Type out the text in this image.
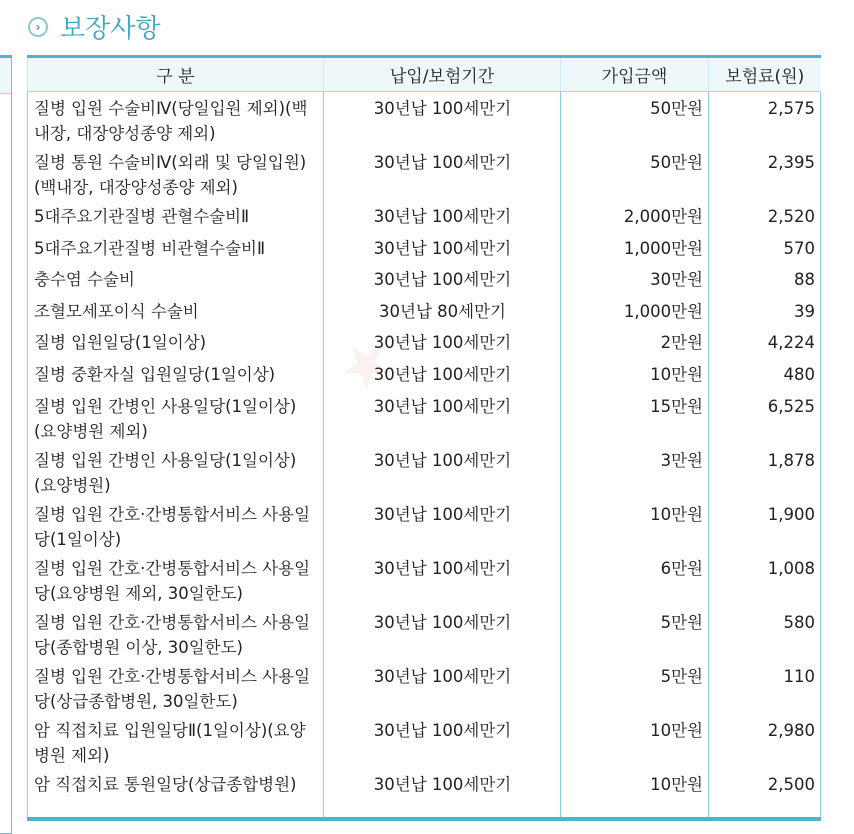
› 보장사항
★
구 분	납입/보험기간	가입금액	보험료(원)
질병 입원 수술비Ⅳ(당일입원 제외)(백내장, 대장양성종양 제외)	30년납 100세만기	50만원	2,575
질병 통원 수술비Ⅳ(외래 및 당일입원)(백내장, 대장양성종양 제외)	30년납 100세만기	50만원	2,395
5대주요기관질병 관혈수술비Ⅱ	30년납 100세만기	2,000만원	2,520
5대주요기관질병 비관혈수술비Ⅱ	30년납 100세만기	1,000만원	570
충수염 수술비	30년납 100세만기	30만원	88
조혈모세포이식 수술비	30년납 80세만기	1,000만원	39
질병 입원일당(1일이상)	30년납 100세만기	2만원	4,224
질병 중환자실 입원일당(1일이상)	30년납 100세만기	10만원	480
질병 입원 간병인 사용일당(1일이상)(요양병원 제외)	30년납 100세만기	15만원	6,525
질병 입원 간병인 사용일당(1일이상)(요양병원)	30년납 100세만기	3만원	1,878
질병 입원 간호·간병통합서비스 사용일당(1일이상)	30년납 100세만기	10만원	1,900
질병 입원 간호·간병통합서비스 사용일당(요양병원 제외, 30일한도)	30년납 100세만기	6만원	1,008
질병 입원 간호·간병통합서비스 사용일당(종합병원 이상, 30일한도)	30년납 100세만기	5만원	580
질병 입원 간호·간병통합서비스 사용일당(상급종합병원, 30일한도)	30년납 100세만기	5만원	110
암 직접치료 입원일당Ⅱ(1일이상)(요양병원 제외)	30년납 100세만기	10만원	2,980
암 직접치료 통원일당(상급종합병원)	30년납 100세만기	10만원	2,500
